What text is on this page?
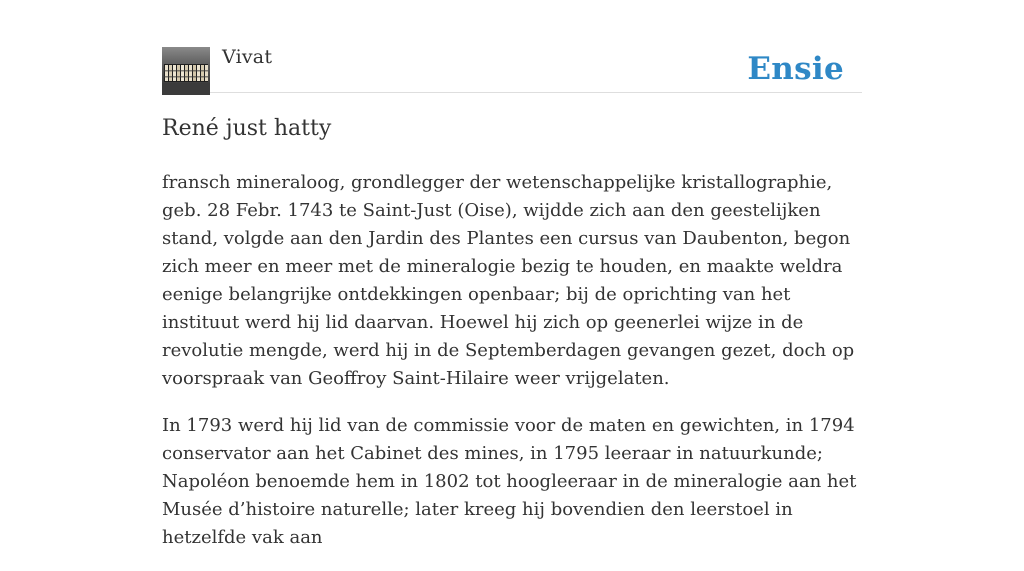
Vivat	Ensie
René just hatty

fransch mineraloog, grondlegger der wetenschappelijke kristallographie, geb. 28 Febr. 1743 te Saint-Just (Oise), wijdde zich aan den geestelijken stand, volgde aan den Jardin des Plantes een cursus van Daubenton, begon zich meer en meer met de mineralogie bezig te houden, en maakte weldra eenige belangrijke ontdekkingen openbaar; bij de oprichting van het instituut werd hij lid daarvan. Hoewel hij zich op geenerlei wijze in de revolutie mengde, werd hij in de Septemberdagen gevangen gezet, doch op voorspraak van Geoffroy Saint-Hilaire weer vrijgelaten.

In 1793 werd hij lid van de commissie voor de maten en gewichten, in 1794 conservator aan het Cabinet des mines, in 1795 leeraar in natuurkunde; Napoléon benoemde hem in 1802 tot hoogleeraar in de mineralogie aan het Musée d’histoire naturelle; later kreeg hij bovendien den leerstoel in hetzelfde vak aan
